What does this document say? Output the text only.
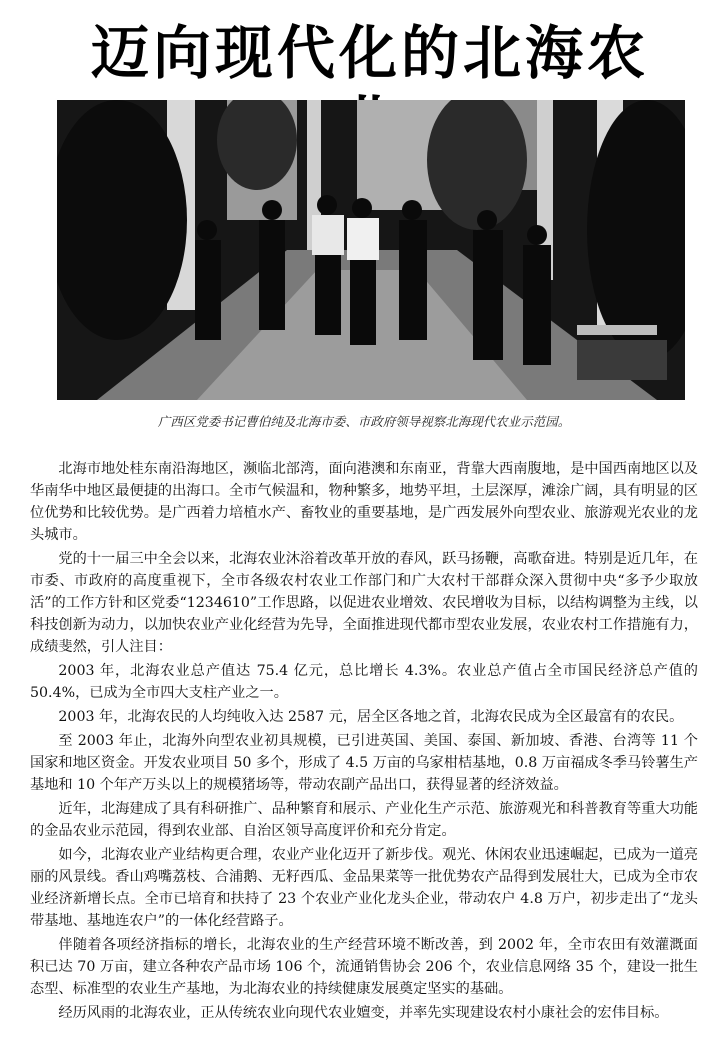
迈向现代化的北海农
广西区党委书记曹伯纯及北海市委、市政府领导视察北海现代农业示范园。

北海市地处桂东南沿海地区，濒临北部湾，面向港澳和东南亚，背靠大西南腹地，是中国西南地区以及华南华中地区最便捷的出海口。全市气候温和，物种繁多，地势平坦，土层深厚，滩涂广阔，具有明显的区位优势和比较优势。是广西着力培植水产、畜牧业的重要基地，是广西发展外向型农业、旅游观光农业的龙头城市。

党的十一届三中全会以来，北海农业沐浴着改革开放的春风，跃马扬鞭，高歌奋进。特别是近几年，在市委、市政府的高度重视下，全市各级农村农业工作部门和广大农村干部群众深入贯彻中央“多予少取放活”的工作方针和区党委“1234610”工作思路，以促进农业增效、农民增收为目标，以结构调整为主线，以科技创新为动力，以加快农业产业化经营为先导，全面推进现代都市型农业发展，农业农村工作措施有力，成绩斐然，引人注目：

2003 年，北海农业总产值达 75.4 亿元，总比增长 4.3%。农业总产值占全市国民经济总产值的 50.4%，已成为全市四大支柱产业之一。

2003 年，北海农民的人均纯收入达 2587 元，居全区各地之首，北海农民成为全区最富有的农民。

至 2003 年止，北海外向型农业初具规模，已引进英国、美国、泰国、新加坡、香港、台湾等 11 个国家和地区资金。开发农业项目 50 多个，形成了 4.5 万亩的乌家柑桔基地，0.8 万亩福成冬季马铃薯生产基地和 10 个年产万头以上的规模猪场等，带动农副产品出口，获得显著的经济效益。

近年，北海建成了具有科研推广、品种繁育和展示、产业化生产示范、旅游观光和科普教育等重大功能的金品农业示范园，得到农业部、自治区领导高度评价和充分肯定。

如今，北海农业产业结构更合理，农业产业化迈开了新步伐。观光、休闲农业迅速崛起，已成为一道亮丽的风景线。香山鸡嘴荔枝、合浦鹅、无籽西瓜、金品果菜等一批优势农产品得到发展壮大，已成为全市农业经济新增长点。全市已培育和扶持了 23 个农业产业化龙头企业，带动农户 4.8 万户，初步走出了“龙头带基地、基地连农户”的一体化经营路子。

伴随着各项经济指标的增长，北海农业的生产经营环境不断改善，到 2002 年，全市农田有效灌溉面积已达 70 万亩，建立各种农产品市场 106 个，流通销售协会 206 个，农业信息网络 35 个，建设一批生态型、标准型的农业生产基地，为北海农业的持续健康发展奠定坚实的基础。

经历风雨的北海农业，正从传统农业向现代农业嬗变，并率先实现建设农村小康社会的宏伟目标。
